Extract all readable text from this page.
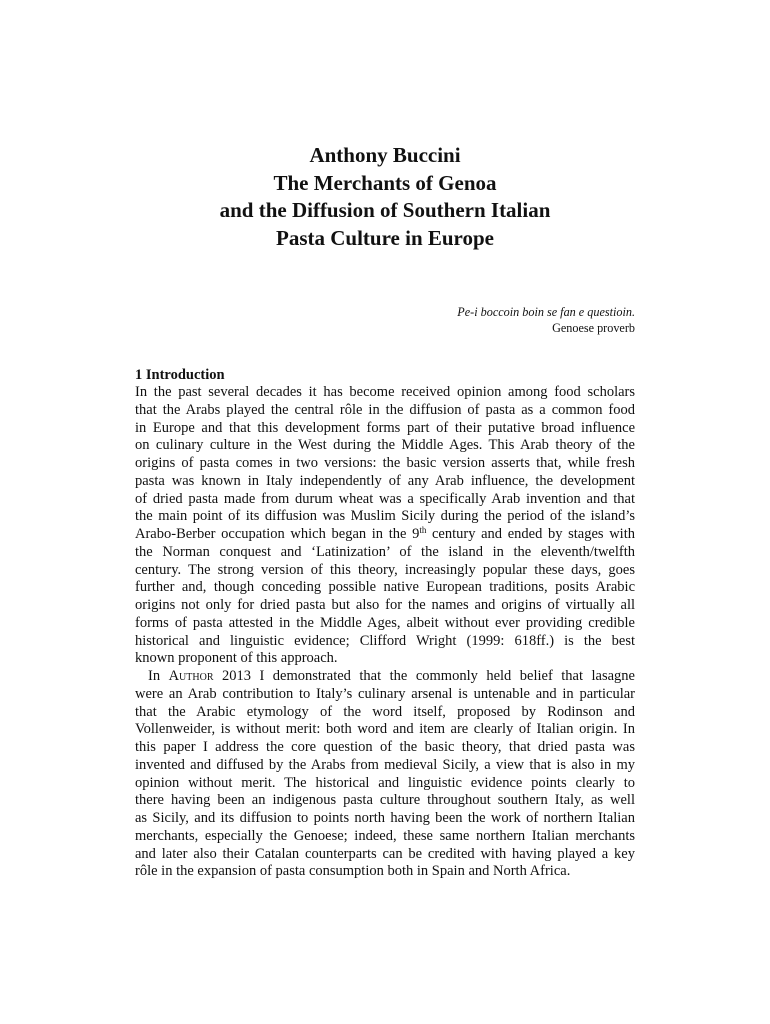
Anthony Buccini
The Merchants of Genoa
and the Diffusion of Southern Italian
Pasta Culture in Europe
Pe-i boccoin boin se fan e questioin.
Genoese proverb
1 Introduction
In the past several decades it has become received opinion among food scholars
that the Arabs played the central rôle in the diffusion of pasta as a common food
in Europe and that this development forms part of their putative broad influence
on culinary culture in the West during the Middle Ages. This Arab theory of the
origins of pasta comes in two versions: the basic version asserts that, while fresh
pasta was known in Italy independently of any Arab influence, the development
of dried pasta made from durum wheat was a specifically Arab invention and that
the main point of its diffusion was Muslim Sicily during the period of the island’s
Arabo-Berber occupation which began in the 9th century and ended by stages with
the Norman conquest and ‘Latinization’ of the island in the eleventh/twelfth
century. The strong version of this theory, increasingly popular these days, goes
further and, though conceding possible native European traditions, posits Arabic
origins not only for dried pasta but also for the names and origins of virtually all
forms of pasta attested in the Middle Ages, albeit without ever providing credible
historical and linguistic evidence; Clifford Wright (1999: 618ff.) is the best
known proponent of this approach.
In Author 2013 I demonstrated that the commonly held belief that lasagne
were an Arab contribution to Italy’s culinary arsenal is untenable and in particular
that the Arabic etymology of the word itself, proposed by Rodinson and
Vollenweider, is without merit: both word and item are clearly of Italian origin. In
this paper I address the core question of the basic theory, that dried pasta was
invented and diffused by the Arabs from medieval Sicily, a view that is also in my
opinion without merit. The historical and linguistic evidence points clearly to
there having been an indigenous pasta culture throughout southern Italy, as well
as Sicily, and its diffusion to points north having been the work of northern Italian
merchants, especially the Genoese; indeed, these same northern Italian merchants
and later also their Catalan counterparts can be credited with having played a key
rôle in the expansion of pasta consumption both in Spain and North Africa.
